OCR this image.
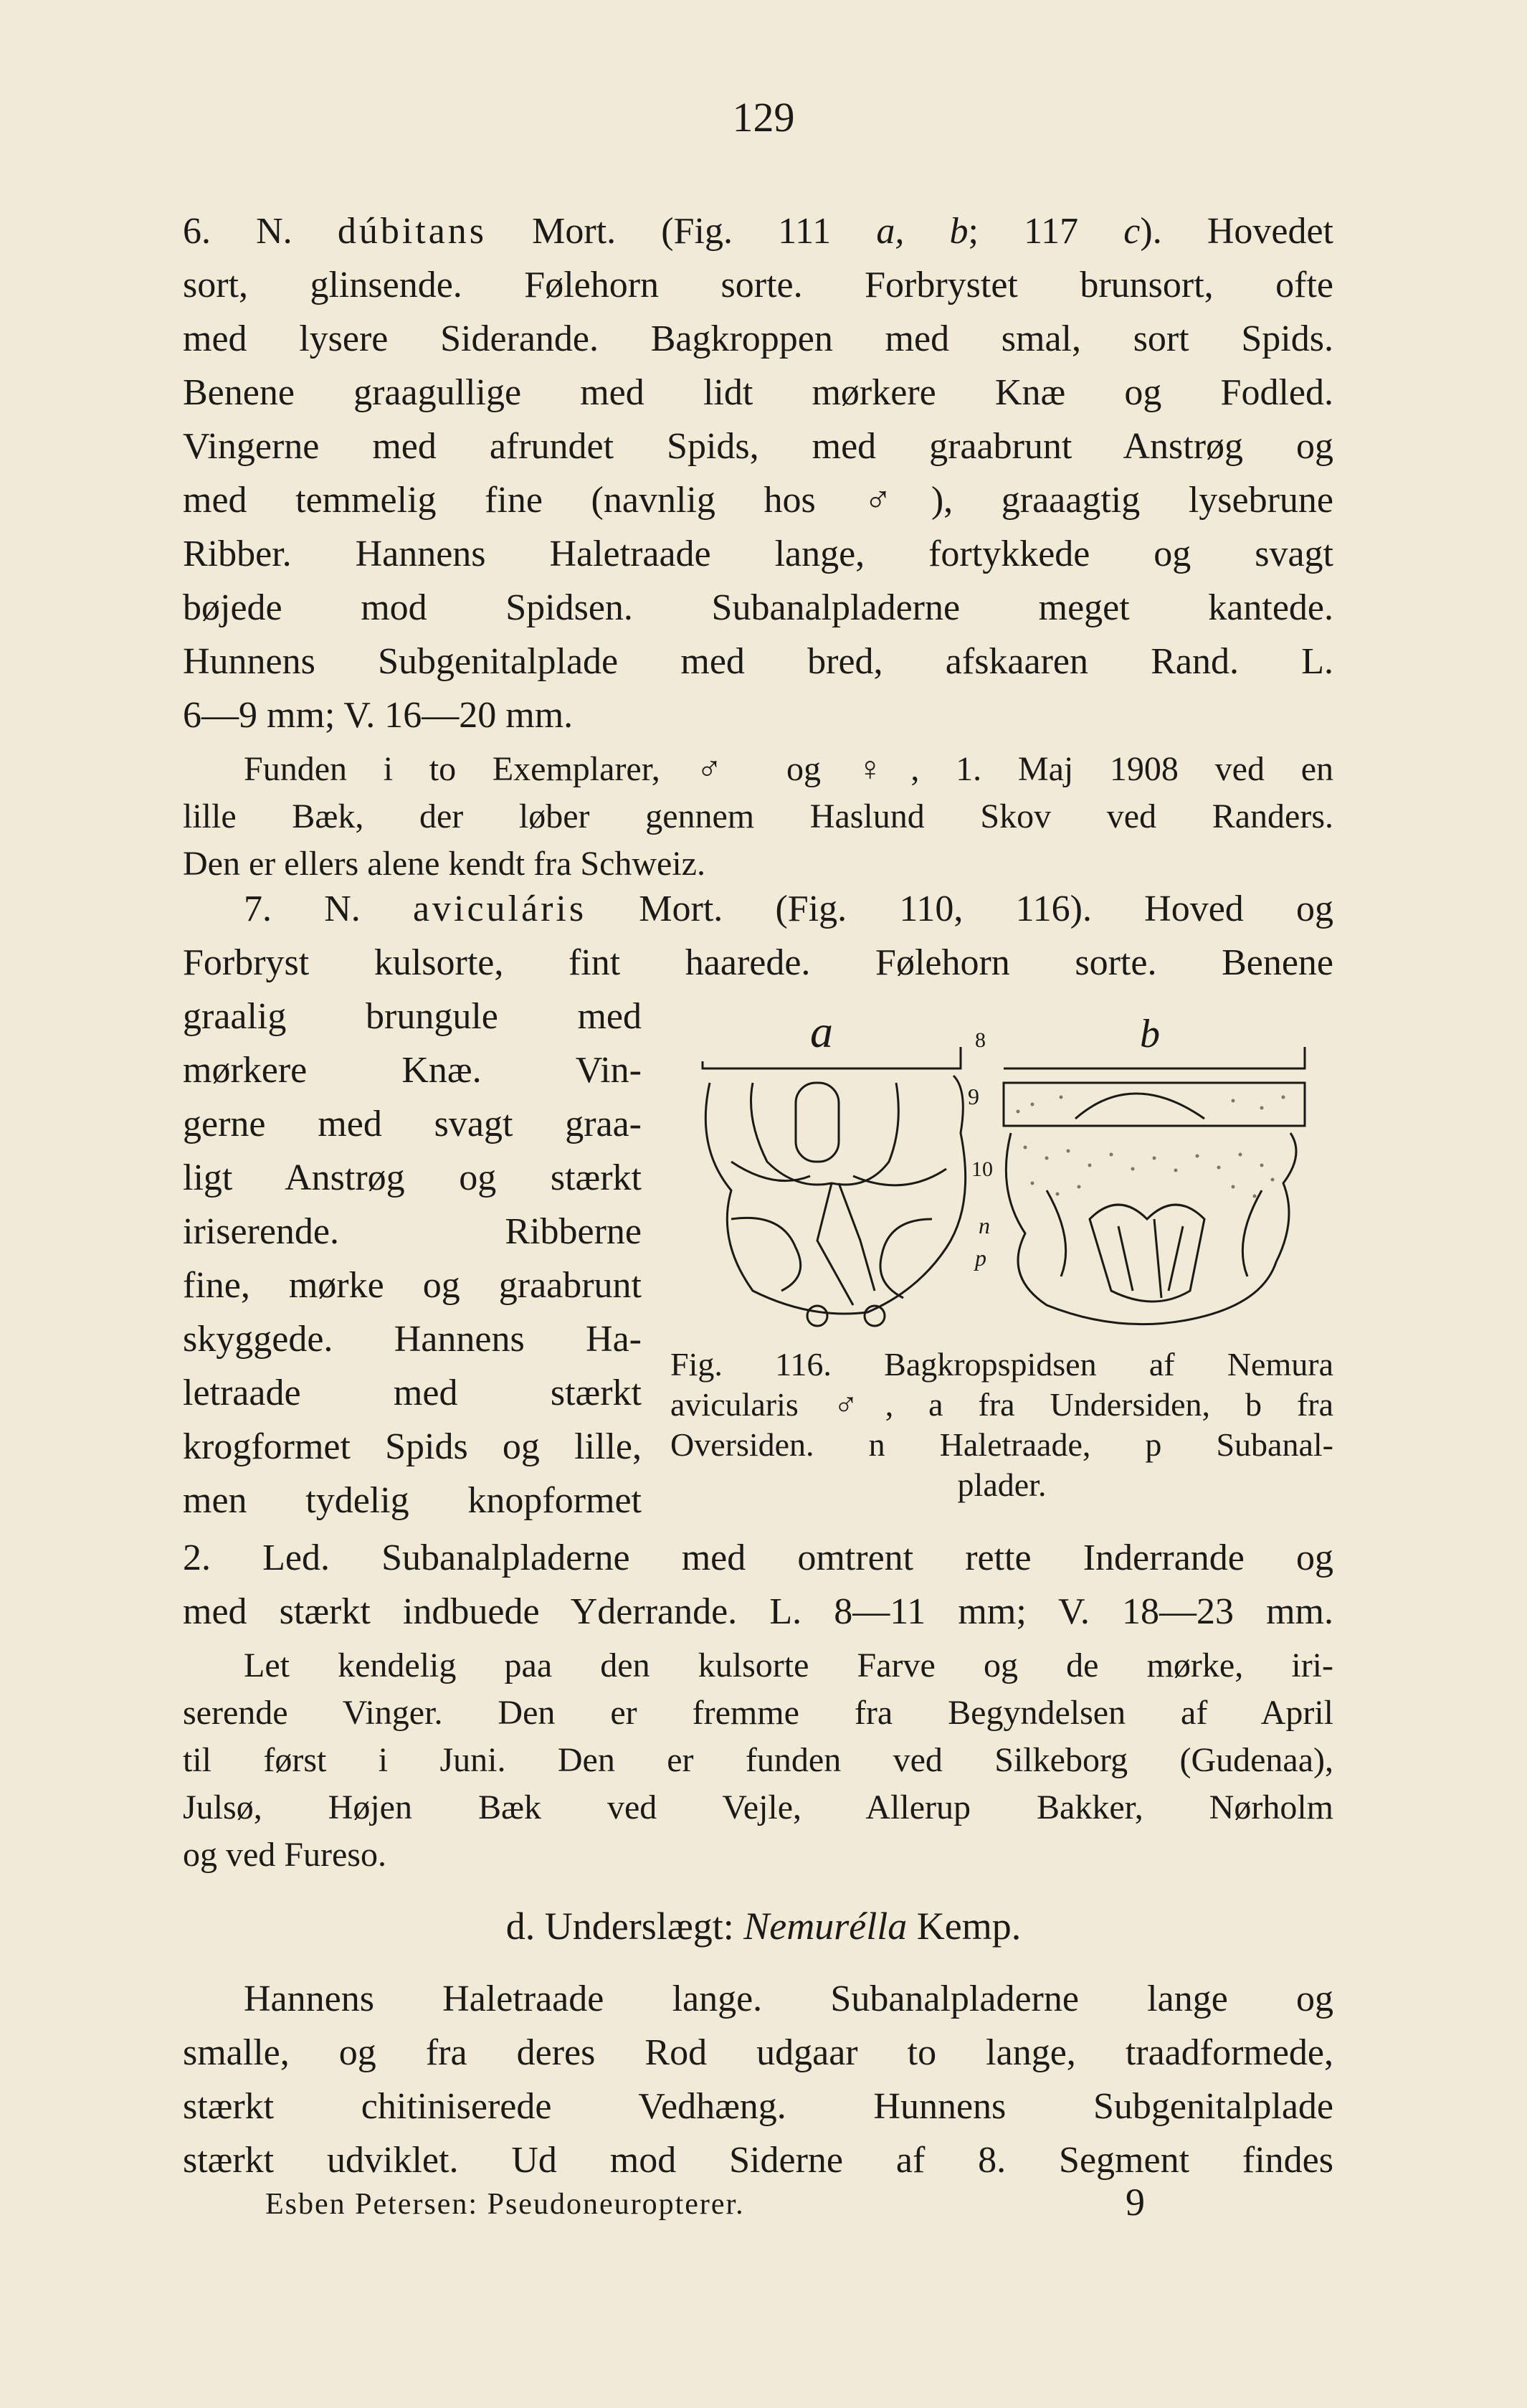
129
6. N. dúbitans Mort. (Fig. 111 a, b; 117 c). Hovedet
sort, glinsende. Følehorn sorte. Forbrystet brunsort, ofte
med lysere Siderande. Bagkroppen med smal, sort Spids.
Benene graagullige med lidt mørkere Knæ og Fodled.
Vingerne med afrundet Spids, med graabrunt Anstrøg og
med temmelig fine (navnlig hos ♂), graaagtig lysebrune
Ribber. Hannens Haletraade lange, fortykkede og svagt
bøjede mod Spidsen. Subanalpladerne meget kantede.
Hunnens Subgenitalplade med bred, afskaaren Rand. L.
6—9 mm; V. 16—20 mm.
Funden i to Exemplarer, ♂ og ♀, 1. Maj 1908 ved en
lille Bæk, der løber gennem Haslund Skov ved Randers.
Den er ellers alene kendt fra Schweiz.
7. N. aviculáris Mort. (Fig. 110, 116). Hoved og
Forbryst kulsorte, fint haarede. Følehorn sorte. Benene
graalig brungule med
mørkere Knæ. Vin-
gerne med svagt graa-
ligt Anstrøg og stærkt
iriserende. Ribberne
fine, mørke og graabrunt
skyggede. Hannens Ha-
letraade med stærkt
krogformet Spids og lille,
men tydelig knopformet
a	b
8
9
10
n
p
Fig. 116. Bagkropspidsen af Nemura
avicularis ♂, a fra Undersiden, b fra
Oversiden. n Haletraade, p Subanal-
plader.
2. Led. Subanalpladerne med omtrent rette Inderrande og
med stærkt indbuede Yderrande. L. 8—11 mm; V. 18—23 mm.
Let kendelig paa den kulsorte Farve og de mørke, iri-
serende Vinger. Den er fremme fra Begyndelsen af April
til først i Juni. Den er funden ved Silkeborg (Gudenaa),
Julsø, Højen Bæk ved Vejle, Allerup Bakker, Nørholm
og ved Fureso.
d. Underslægt: Nemurélla Kemp.
Hannens Haletraade lange. Subanalpladerne lange og
smalle, og fra deres Rod udgaar to lange, traadformede,
stærkt chitiniserede Vedhæng. Hunnens Subgenitalplade
stærkt udviklet. Ud mod Siderne af 8. Segment findes
Esben Petersen: Pseudoneuropterer.	9
